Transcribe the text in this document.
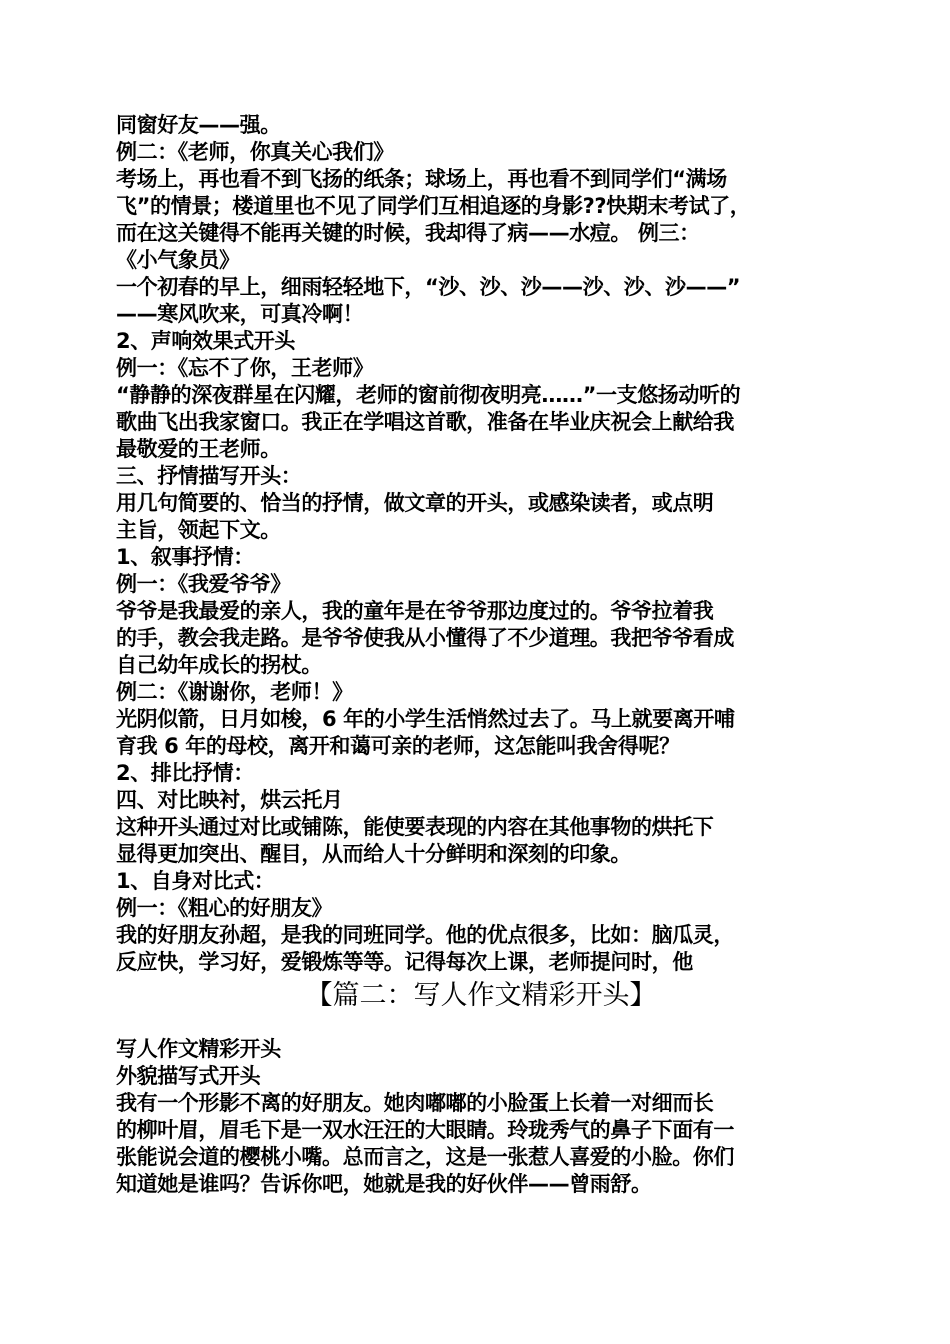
同窗好友——强。
例二：《老师，你真关心我们》
考场上，再也看不到飞扬的纸条；球场上，再也看不到同学们“满场
飞”的情景；楼道里也不见了同学们互相追逐的身影??快期末考试了，
而在这关键得不能再关键的时候，我却得了病——水痘。 例三：
《小气象员》
一个初春的早上，细雨轻轻地下，“沙、沙、沙——沙、沙、沙——”
——寒风吹来，可真冷啊！
2、声响效果式开头
例一：《忘不了你，王老师》
“静静的深夜群星在闪耀，老师的窗前彻夜明亮……”一支悠扬动听的
歌曲飞出我家窗口。我正在学唱这首歌，准备在毕业庆祝会上献给我
最敬爱的王老师。
三、抒情描写开头：
用几句简要的、恰当的抒情，做文章的开头，或感染读者，或点明
主旨，领起下文。
1、叙事抒情：
例一：《我爱爷爷》
爷爷是我最爱的亲人，我的童年是在爷爷那边度过的。爷爷拉着我
的手，教会我走路。是爷爷使我从小懂得了不少道理。我把爷爷看成
自己幼年成长的拐杖。
例二：《谢谢你，老师！》
光阴似箭，日月如梭，6 年的小学生活悄然过去了。马上就要离开哺
育我 6 年的母校，离开和蔼可亲的老师，这怎能叫我舍得呢？
2、排比抒情：
四、对比映衬，烘云托月
这种开头通过对比或铺陈，能使要表现的内容在其他事物的烘托下
显得更加突出、醒目，从而给人十分鲜明和深刻的印象。
1、自身对比式：
例一：《粗心的好朋友》
我的好朋友孙超，是我的同班同学。他的优点很多，比如：脑瓜灵，
反应快，学习好，爱锻炼等等。记得每次上课，老师提问时，他
【篇二：写人作文精彩开头】
写人作文精彩开头
外貌描写式开头
我有一个形影不离的好朋友。她肉嘟嘟的小脸蛋上长着一对细而长
的柳叶眉，眉毛下是一双水汪汪的大眼睛。玲珑秀气的鼻子下面有一
张能说会道的樱桃小嘴。总而言之，这是一张惹人喜爱的小脸。你们
知道她是谁吗？告诉你吧，她就是我的好伙伴——曾雨舒。
